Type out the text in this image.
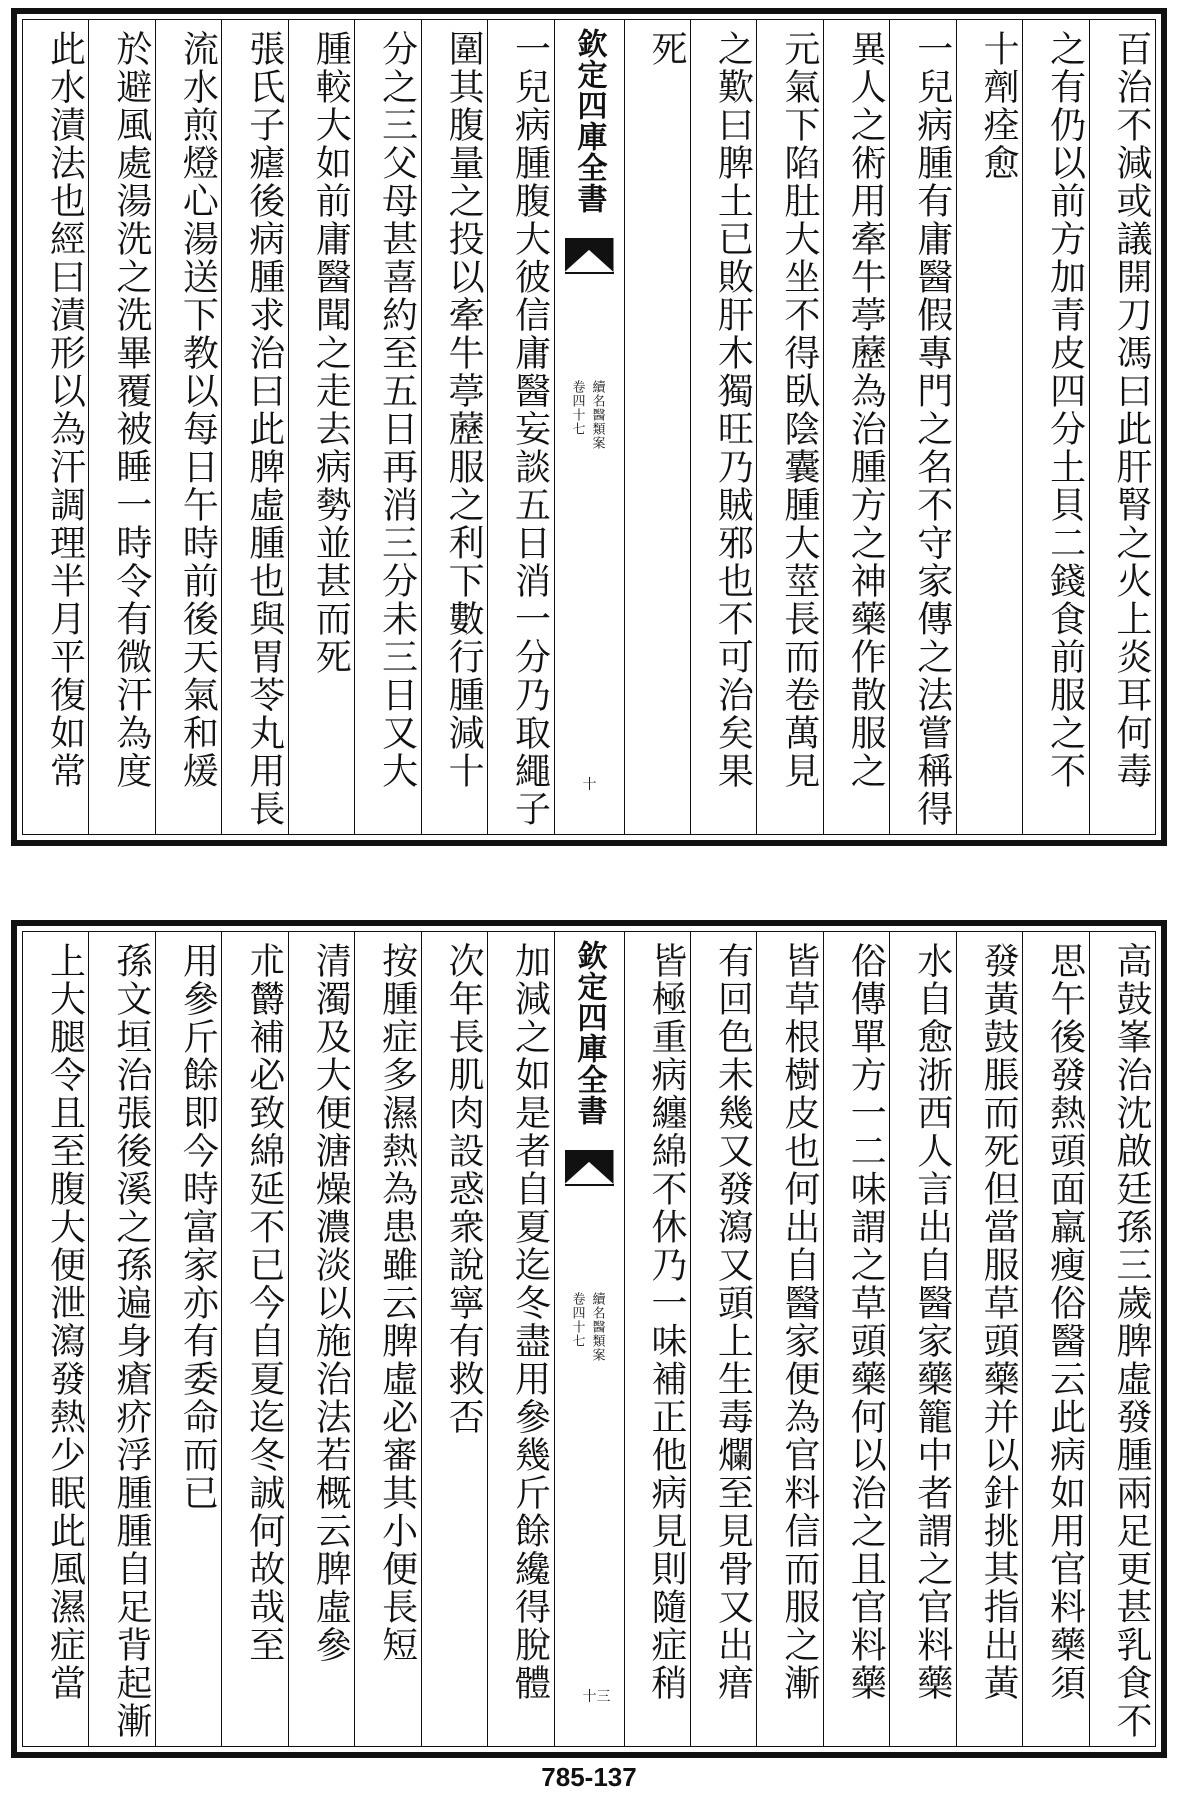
百治不減或議開刀馮曰此肝腎之火上炎耳何毒
之有仍以前方加青皮四分土貝二錢食前服之不
十劑痊愈
一兒病腫有庸醫假專門之名不守家傳之法嘗稱得
異人之術用牽牛葶藶為治腫方之神藥作散服之
元氣下陷肚大坐不得臥陰囊腫大莖長而卷萬見
之歎曰脾土已敗肝木獨旺乃賊邪也不可治矣果
死
欽定四庫全書
續名醫類案
卷四十七
十
一兒病腫腹大彼信庸醫妄談五日消一分乃取繩子
圍其腹量之投以牽牛葶藶服之利下數行腫減十
分之三父母甚喜約至五日再消三分未三日又大
腫較大如前庸醫聞之走去病勢並甚而死
張氏子瘧後病腫求治曰此脾虛腫也與胃苓丸用長
流水煎燈心湯送下教以每日午時前後天氣和煖
於避風處湯洗之洗畢覆被睡一時令有微汗為度
此水漬法也經曰漬形以為汗調理半月平復如常
高鼓峯治沈啟廷孫三歲脾虛發腫兩足更甚乳食不
思午後發熱頭面羸瘦俗醫云此病如用官料藥須
發黃鼓脹而死但當服草頭藥并以針挑其指出黃
水自愈浙西人言出自醫家藥籠中者謂之官料藥
俗傳單方一二味謂之草頭藥何以治之且官料藥
皆草根樹皮也何出自醫家便為官料信而服之漸
有回色未幾又發瀉又頭上生毒爛至見骨又出瘄
皆極重病纏綿不休乃一味補正他病見則隨症稍
欽定四庫全書
續名醫類案
卷四十七
十三
加減之如是者自夏迄冬盡用參幾斤餘纔得脫體
次年長肌肉設惑衆說寧有救否
按腫症多濕熱為患雖云脾虛必審其小便長短
清濁及大便溏燥濃淡以施治法若概云脾虛參
朮欝補必致綿延不已今自夏迄冬誠何故哉至
用參斤餘即今時富家亦有委命而已
孫文垣治張後溪之孫遍身瘡疥浮腫腫自足背起漸
上大腿令且至腹大便泄瀉發熱少眠此風濕症當
785-137
